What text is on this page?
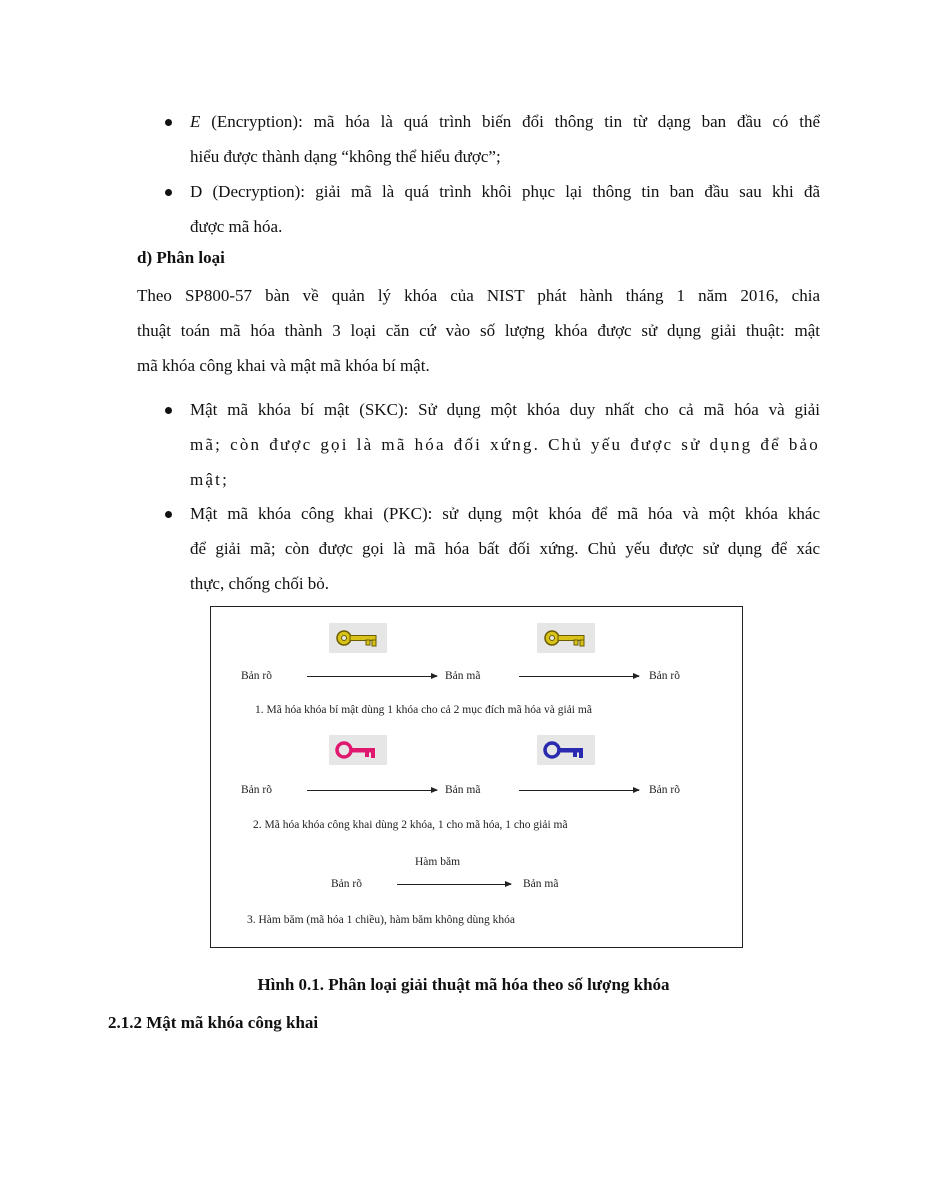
E (Encryption): mã hóa là quá trình biến đổi thông tin từ dạng ban đầu có thể
hiểu được thành dạng “không thể hiểu được”;
D (Decryption): giải mã là quá trình khôi phục lại thông tin ban đầu sau khi đã
được mã hóa.
d) Phân loại
Theo SP800-57 bàn về quản lý khóa của NIST phát hành tháng 1 năm 2016, chia
thuật toán mã hóa thành 3 loại căn cứ vào số lượng khóa được sử dụng giải thuật: mật
mã khóa công khai và mật mã khóa bí mật.
Mật mã khóa bí mật (SKC): Sử dụng một khóa duy nhất cho cả mã hóa và giải
mã; còn được gọi là mã hóa đối xứng. Chủ yếu được sử dụng để bảo
mật;
Mật mã khóa công khai (PKC): sử dụng một khóa để mã hóa và một khóa khác
để giải mã; còn được gọi là mã hóa bất đối xứng. Chủ yếu được sử dụng để xác
thực, chống chối bỏ.
Bản rõ	Bản mã	Bản rõ
1. Mã hóa khóa bí mật dùng 1 khóa cho cả 2 mục đích mã hóa và giải mã
Bản rõ	Bản mã	Bản rõ
2. Mã hóa khóa công khai dùng 2 khóa, 1 cho mã hóa, 1 cho giải mã
Hàm băm
Bản rõ	Bản mã
3. Hàm băm (mã hóa 1 chiều), hàm băm không dùng khóa
Hình 0.1. Phân loại giải thuật mã hóa theo số lượng khóa
2.1.2 Mật mã khóa công khai
